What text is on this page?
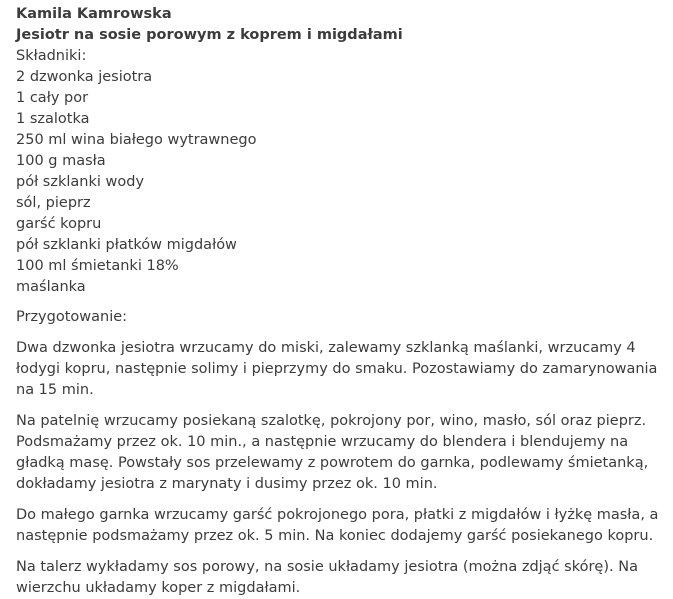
Kamila Kamrowska
Jesiotr na sosie porowym z koprem i migdałami
Składniki:
2 dzwonka jesiotra
1 cały por
1 szalotka
250 ml wina białego wytrawnego
100 g masła
pół szklanki wody
sól, pieprz
garść kopru
pół szklanki płatków migdałów
100 ml śmietanki 18%
maślanka
Przygotowanie:

Dwa dzwonka jesiotra wrzucamy do miski, zalewamy szklanką maślanki, wrzucamy 4 łodygi kopru, następnie solimy i pieprzymy do smaku. Pozostawiamy do zamarynowania na 15 min.

Na patelnię wrzucamy posiekaną szalotkę, pokrojony por, wino, masło, sól oraz pieprz. Podsmażamy przez ok. 10 min., a następnie wrzucamy do blendera i blendujemy na gładką masę. Powstały sos przelewamy z powrotem do garnka, podlewamy śmietanką, dokładamy jesiotra z marynaty i dusimy przez ok. 10 min.

Do małego garnka wrzucamy garść pokrojonego pora, płatki z migdałów i łyżkę masła, a następnie podsmażamy przez ok. 5 min. Na koniec dodajemy garść posiekanego kopru.

Na talerz wykładamy sos porowy, na sosie układamy jesiotra (można zdjąć skórę). Na wierzchu układamy koper z migdałami.
